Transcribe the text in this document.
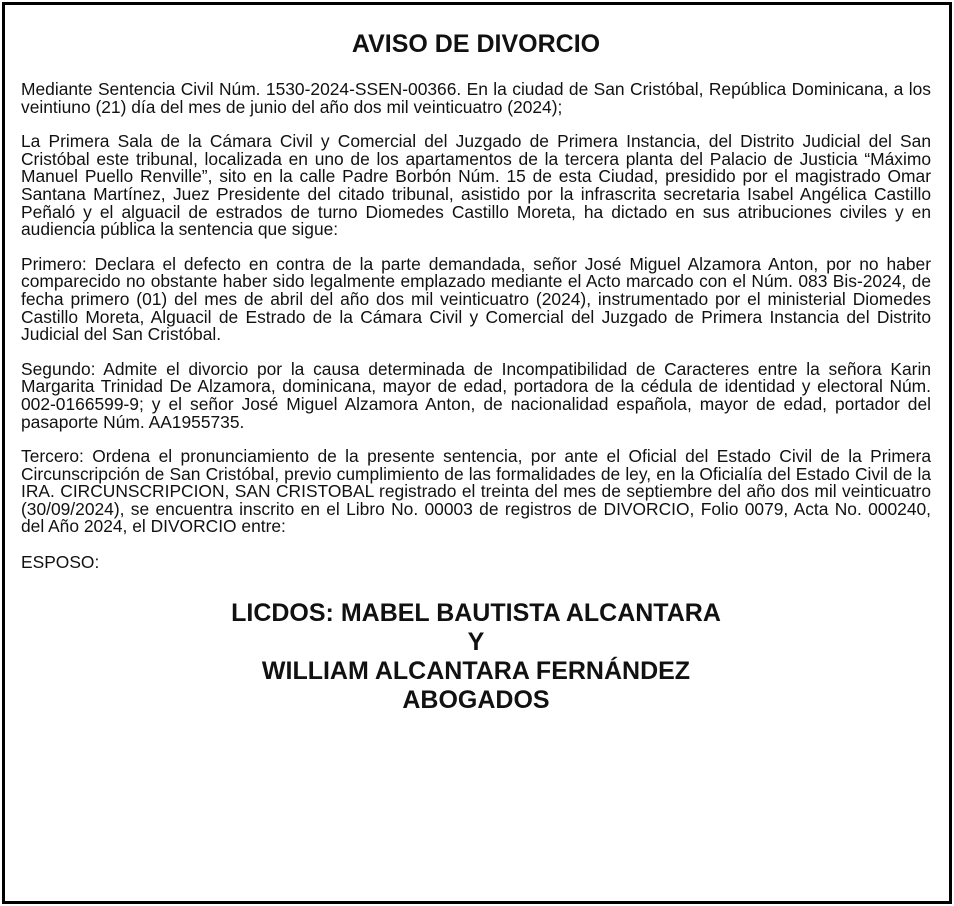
AVISO DE DIVORCIO

Mediante Sentencia Civil Núm. 1530-2024-SSEN-00366. En la ciudad de San Cristóbal, República Dominicana, a los veintiuno (21) día del mes de junio del año dos mil veinticuatro (2024);

La Primera Sala de la Cámara Civil y Comercial del Juzgado de Primera Instancia, del Distrito Judicial del San Cristóbal este tribunal, localizada en uno de los apartamentos de la tercera planta del Palacio de Justicia “Máximo Manuel Puello Renville”, sito en la calle Padre Borbón Núm. 15 de esta Ciudad, presidido por el magistrado Omar Santana Martínez, Juez Presidente del citado tribunal, asistido por la infrascrita secretaria Isabel Angélica Castillo Peñaló y el alguacil de estrados de turno Diomedes Castillo Moreta, ha dictado en sus atribuciones civiles y en audiencia pública la sentencia que sigue:

Primero: Declara el defecto en contra de la parte demandada, señor José Miguel Alzamora Anton, por no haber comparecido no obstante haber sido legalmente emplazado mediante el Acto marcado con el Núm. 083 Bis-2024, de fecha primero (01) del mes de abril del año dos mil veinticuatro (2024), instrumentado por el ministerial Diomedes Castillo Moreta, Alguacil de Estrado de la Cámara Civil y Comercial del Juzgado de Primera Instancia del Distrito Judicial del San Cristóbal.

Segundo: Admite el divorcio por la causa determinada de Incompatibilidad de Caracteres entre la señora Karin Margarita Trinidad De Alzamora, dominicana, mayor de edad, portadora de la cédula de identidad y electoral Núm. 002-0166599-9; y el señor José Miguel Alzamora Anton, de nacionalidad española, mayor de edad, portador del pasaporte Núm. AA1955735.

Tercero: Ordena el pronunciamiento de la presente sentencia, por ante el Oficial del Estado Civil de la Primera Circunscripción de San Cristóbal, previo cumplimiento de las formalidades de ley, en la Oficialía del Estado Civil de la IRA. CIRCUNSCRIPCION, SAN CRISTOBAL registrado el treinta del mes de septiembre del año dos mil veinticuatro (30/09/2024), se encuentra inscrito en el Libro No. 00003 de registros de DIVORCIO, Folio 0079, Acta No. 000240, del Año 2024, el DIVORCIO entre:

ESPOSO:
LICDOS: MABEL BAUTISTA ALCANTARA
Y
WILLIAM ALCANTARA FERNÁNDEZ
ABOGADOS
